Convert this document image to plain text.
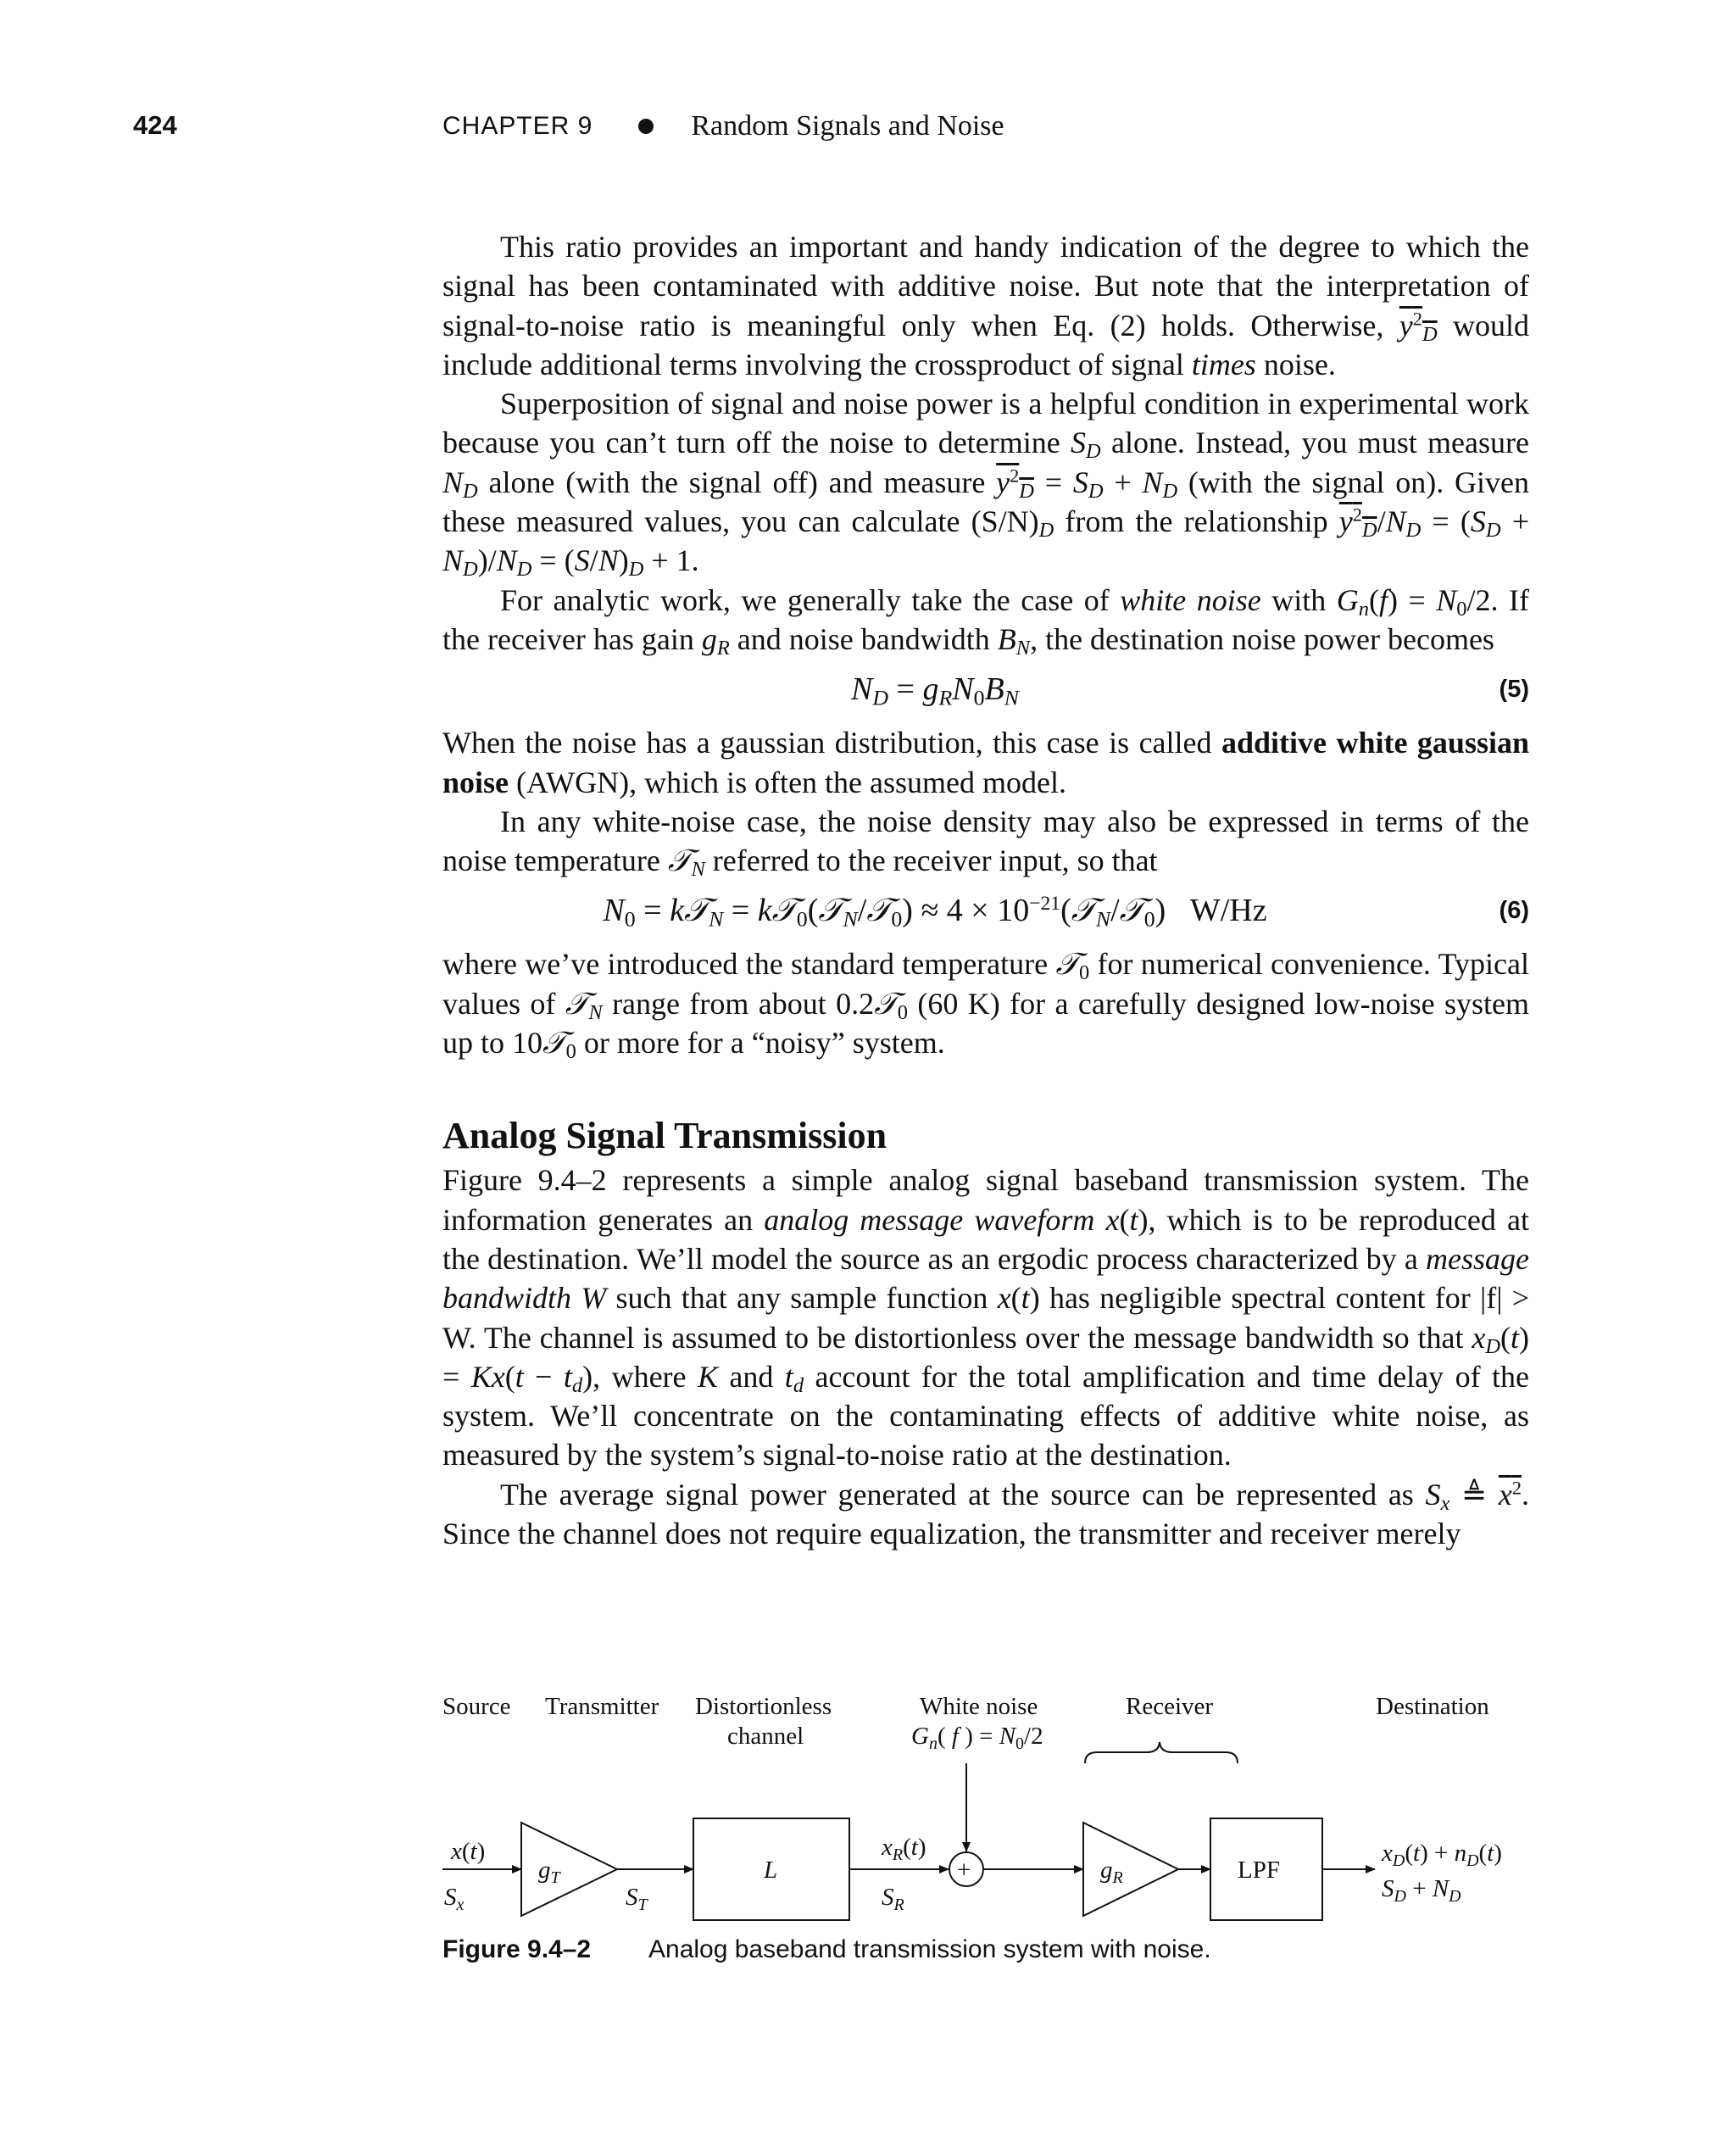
424	CHAPTER 9	Random Signals and Noise

This ratio provides an important and handy indication of the degree to which the signal has been contaminated with additive noise. But note that the interpretation of signal-to-noise ratio is meaningful only when Eq. (2) holds. Otherwise, $y^2_D$ would include additional terms involving the crossproduct of signal times noise.

Superposition of signal and noise power is a helpful condition in experimental work because you can’t turn off the noise to determine $S_D$ alone. Instead, you must measure $N_D$ alone (with the signal off) and measure $y^2_D = S_D + N_D$ (with the signal on). Given these measured values, you can calculate $(S/N)_D$ from the relationship $y^2_D/N_D = (S_D + N_D)/N_D = (S/N)_D + 1$.

For analytic work, we generally take the case of white noise with $G_n(f) = N_0/2$. If the receiver has gain $g_R$ and noise bandwidth $B_N$, the destination noise power becomes

$N_D = g_RN_0B_N$	(5)

When the noise has a gaussian distribution, this case is called additive white gaussian noise (AWGN), which is often the assumed model.

In any white-noise case, the noise density may also be expressed in terms of the noise temperature 𝒯$_N$ referred to the receiver input, so that

$N_0$ = k𝒯$_N$ = k𝒯$_0$(𝒯$_N$/𝒯$_0$) ≈ $4 \times 10^{-21}(𝒯_N/𝒯_0)$   W/Hz	(6)

where we’ve introduced the standard temperature 𝒯$_0$ for numerical convenience. Typical values of 𝒯$_N$ range from about 0.2𝒯$_0$ (60 K) for a carefully designed low-noise system up to 10𝒯$_0$ or more for a “noisy” system.

Analog Signal Transmission

Figure 9.4–2 represents a simple analog signal baseband transmission system. The information generates an analog message waveform x(t), which is to be reproduced at the destination. We’ll model the source as an ergodic process characterized by a message bandwidth W such that any sample function x(t) has negligible spectral content for |f| > W. The channel is assumed to be distortionless over the message bandwidth so that $x_D(t) = Kx(t - t_d)$, where K and $t_d$ account for the total amplification and time delay of the system. We’ll concentrate on the contaminating effects of additive white noise, as measured by the system’s signal-to-noise ratio at the destination.

The average signal power generated at the source can be represented as $S_x$ ≜ $x^2$. Since the channel does not require equalization, the transmitter and receiver merely

Source Transmitter Distortionless
channel
White noise
$G_n$( f ) = $N_0/2$
Receiver	Destination
x(t)
$S_x$
$g_T$
$S_T$
L
$x_R(t)$
$S_R$
+	$g_R$	LPF
$x_D(t) + n_D(t)$
$S_D + N_D$
Figure 9.4–2	Analog baseband transmission system with noise.
